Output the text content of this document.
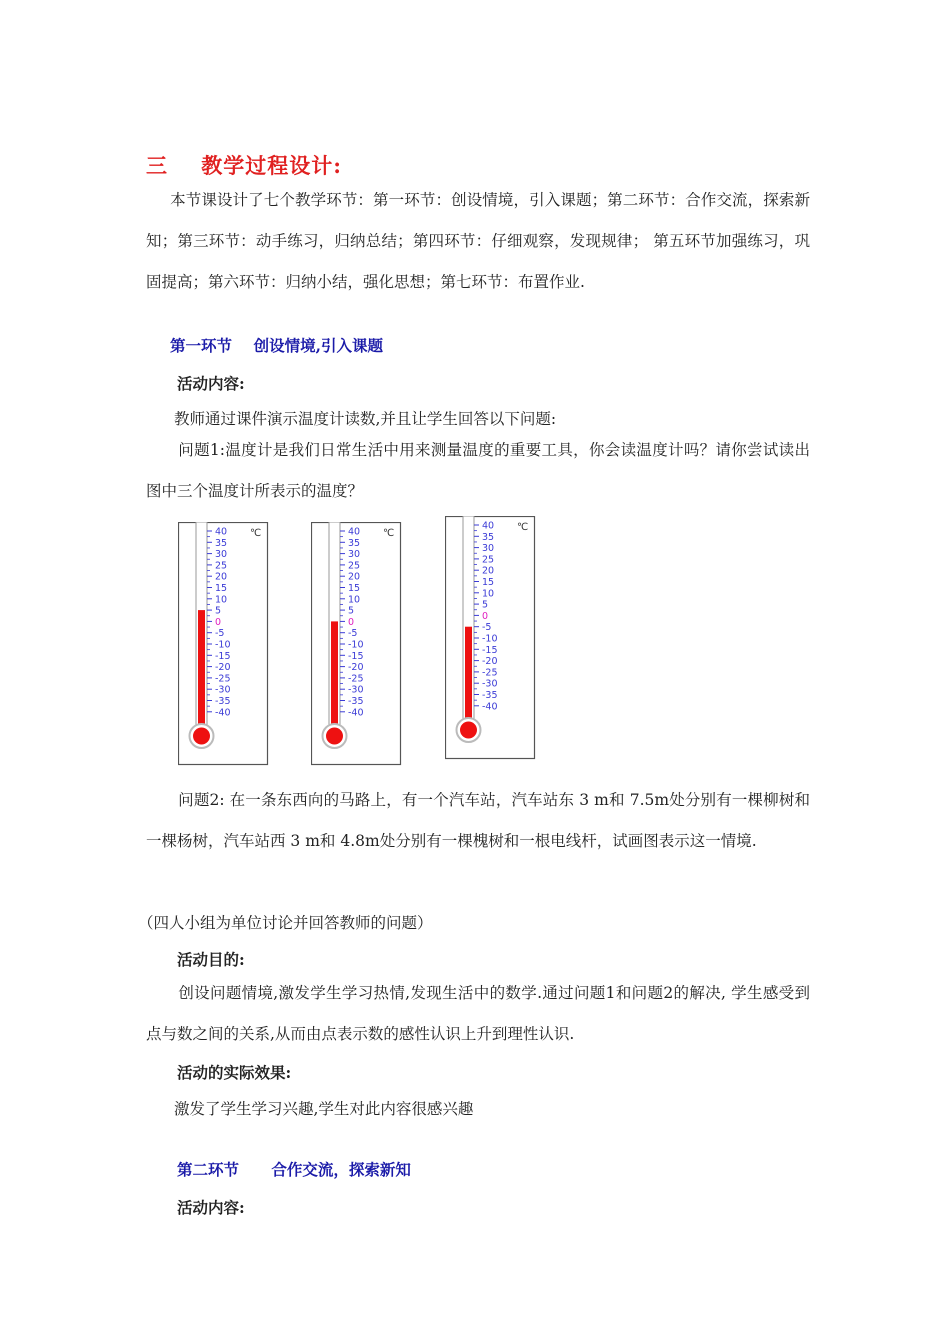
三    教学过程设计:
本节课设计了七个教学环节：第一环节：创设情境，引入课题；第二环节：合作交流，探索新知；第三环节：动手练习，归纳总结；第四环节：仔细观察，发现规律； 第五环节加强练习，巩固提高；第六环节：归纳小结，强化思想；第七环节：布置作业.
第一环节    创设情境,引入课题
活动内容:
教师通过课件演示温度计读数,并且让学生回答以下问题:
问题1:温度计是我们日常生活中用来测量温度的重要工具，你会读温度计吗？请你尝试读出图中三个温度计所表示的温度？
40
35
30
25
20
15
10
5
0
-5
-10
-15
-20
-25
-30
-35
-40
℃	40
35
30
25
20
15
10
5
0
-5
-10
-15
-20
-25
-30
-35
-40
℃
40
35
30
25
20
15
10
5
0
-5
-10
-15
-20
-25
-30
-35
-40
℃
问题2: 在一条东西向的马路上，有一个汽车站，汽车站东 3 m和 7.5m处分别有一棵柳树和一棵杨树，汽车站西 3 m和 4.8m处分别有一棵槐树和一根电线杆，试画图表示这一情境.
（四人小组为单位讨论并回答教师的问题）
活动目的:
创设问题情境,激发学生学习热情,发现生活中的数学.通过问题1和问题2的解决, 学生感受到点与数之间的关系,从而由点表示数的感性认识上升到理性认识.
活动的实际效果:
激发了学生学习兴趣,学生对此内容很感兴趣
第二环节      合作交流，探索新知
活动内容:
